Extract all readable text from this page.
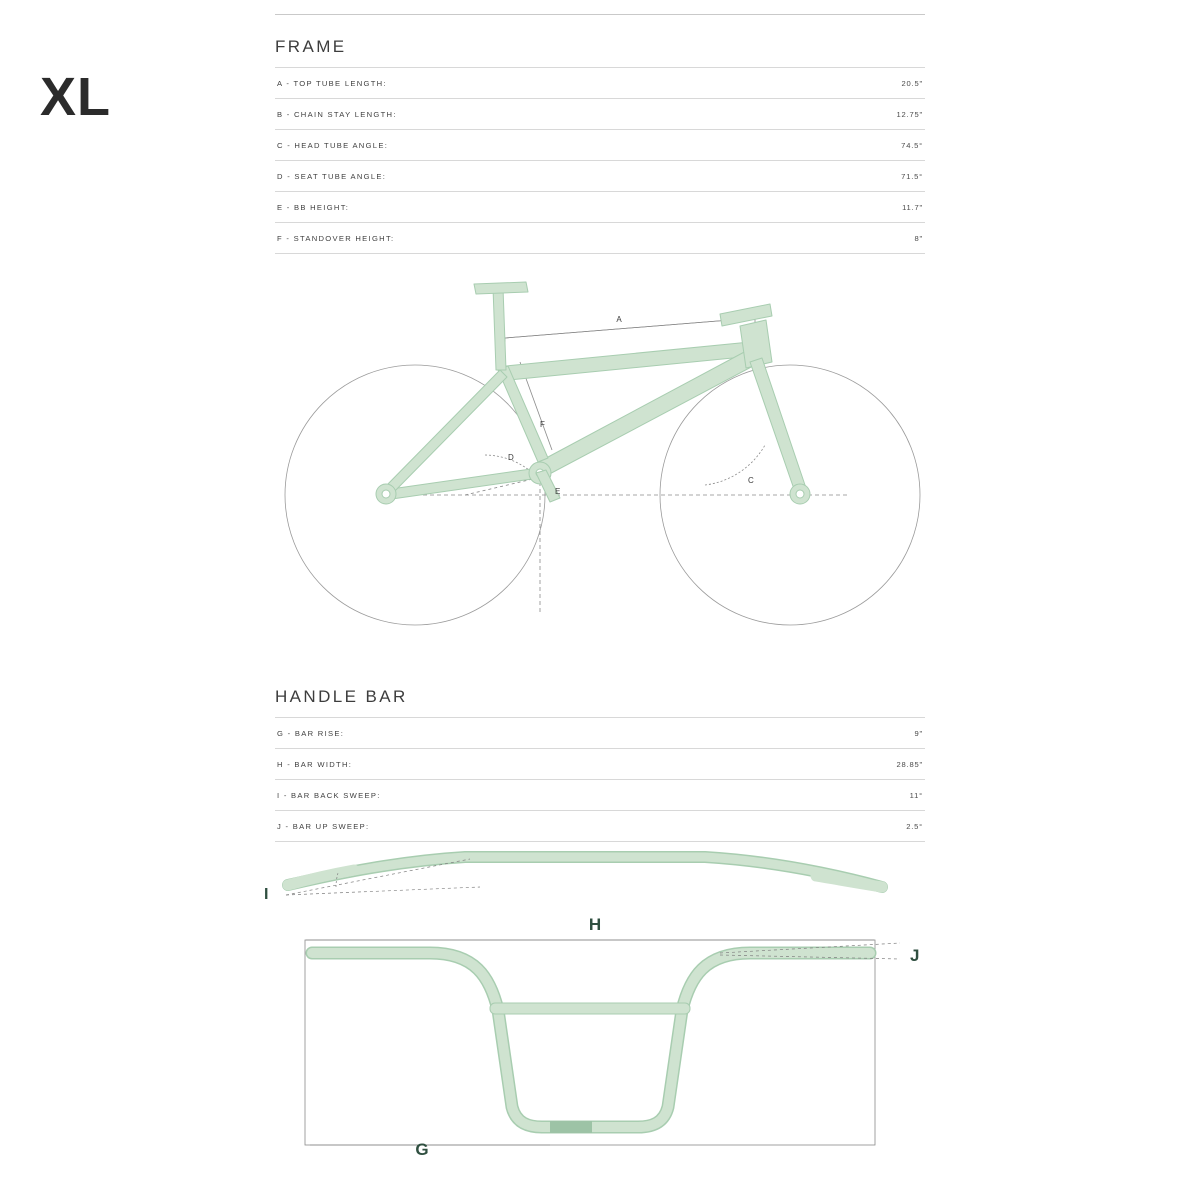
XL
FRAME
A - TOP TUBE LENGTH:	20.5"
B - CHAIN STAY LENGTH:	12.75"
C - HEAD TUBE ANGLE:	74.5°
D - SEAT TUBE ANGLE:	71.5°
E - BB HEIGHT:	11.7"
F - STANDOVER HEIGHT:	8"
A
C
D
E
F
HANDLE BAR
G - BAR RISE:	9"
H - BAR WIDTH:	28.85"
I - BAR BACK SWEEP:	11°
J - BAR UP SWEEP:	2.5°
I
H
G
J
